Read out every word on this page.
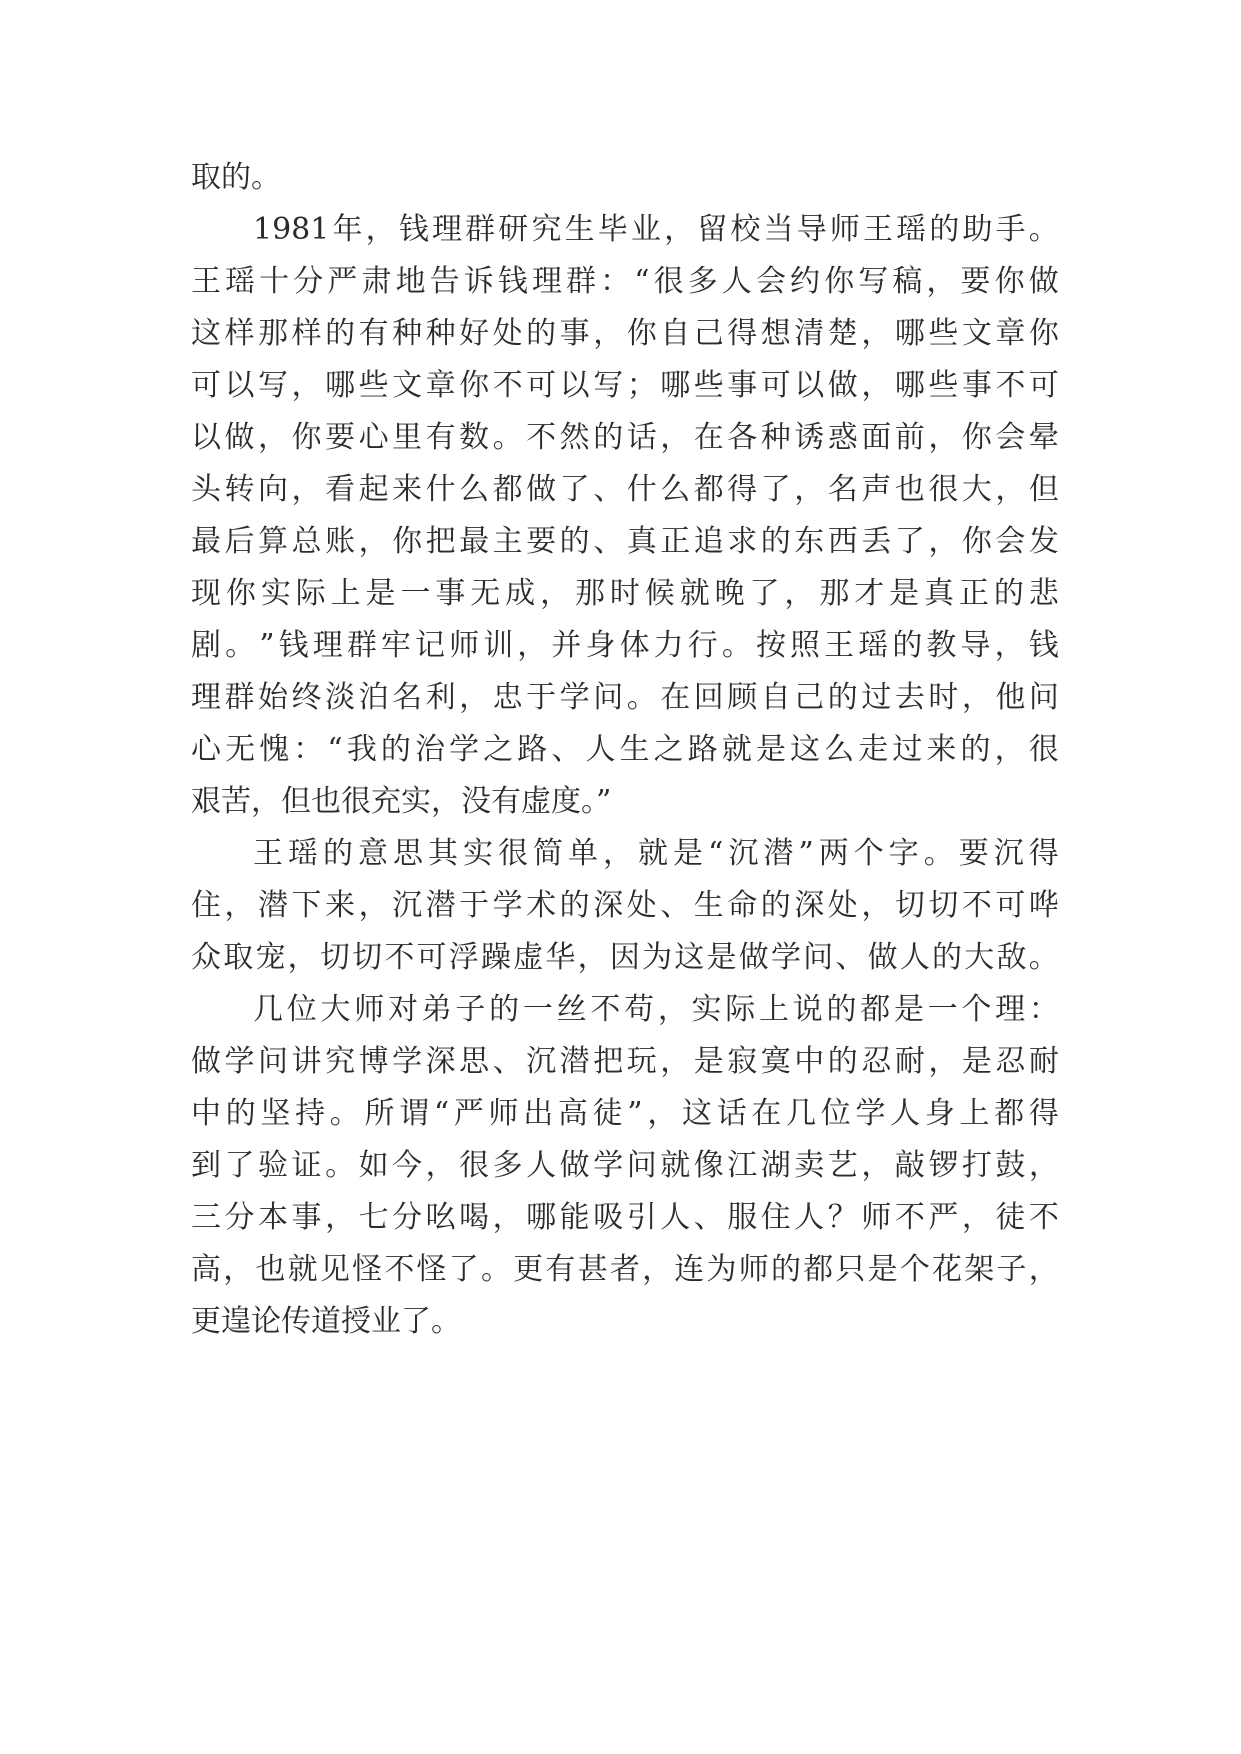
取的。
1981 年 ， 钱 理 群 研 究 生 毕 业 ， 留 校 当 导 师 王 瑶 的 助 手 。
王 瑶 十 分 严 肃 地 告 诉 钱 理 群 ： “ 很 多 人 会 约 你 写 稿 ， 要 你 做
这 样 那 样 的 有 种 种 好 处 的 事 ， 你 自 己 得 想 清 楚 ， 哪 些 文 章 你
可 以 写 ， 哪 些 文 章 你 不 可 以 写 ； 哪 些 事 可 以 做 ， 哪 些 事 不 可
以 做 ， 你 要 心 里 有 数 。 不 然 的 话 ， 在 各 种 诱 惑 面 前 ， 你 会 晕
头 转 向 ， 看 起 来 什 么 都 做 了 、 什 么 都 得 了 ， 名 声 也 很 大 ， 但
最 后 算 总 账 ， 你 把 最 主 要 的 、 真 正 追 求 的 东 西 丢 了 ， 你 会 发
现 你 实 际 上 是 一 事 无 成 ， 那 时 候 就 晚 了 ， 那 才 是 真 正 的 悲
剧 。 ” 钱 理 群 牢 记 师 训 ， 并 身 体 力 行 。 按 照 王 瑶 的 教 导 ， 钱
理 群 始 终 淡 泊 名 利 ， 忠 于 学 问 。 在 回 顾 自 己 的 过 去 时 ， 他 问
心 无 愧 ： “ 我 的 治 学 之 路 、 人 生 之 路 就 是 这 么 走 过 来 的 ， 很
艰苦，但也很充实，没有虚度。”
王 瑶 的 意 思 其 实 很 简 单 ， 就 是 “ 沉 潜 ” 两 个 字 。 要 沉 得
住 ， 潜 下 来 ， 沉 潜 于 学 术 的 深 处 、 生 命 的 深 处 ， 切 切 不 可 哗
众 取 宠 ， 切 切 不 可 浮 躁 虚 华 ， 因 为 这 是 做 学 问 、 做 人 的 大 敌 。
几 位 大 师 对 弟 子 的 一 丝 不 苟 ， 实 际 上 说 的 都 是 一 个 理 ：
做 学 问 讲 究 博 学 深 思 、 沉 潜 把 玩 ， 是 寂 寞 中 的 忍 耐 ， 是 忍 耐
中 的 坚 持 。 所 谓 “ 严 师 出 高 徒 ” ， 这 话 在 几 位 学 人 身 上 都 得
到 了 验 证 。 如 今 ， 很 多 人 做 学 问 就 像 江 湖 卖 艺 ， 敲 锣 打 鼓 ，
三 分 本 事 ， 七 分 吆 喝 ， 哪 能 吸 引 人 、 服 住 人 ？ 师 不 严 ， 徒 不
高 ， 也 就 见 怪 不 怪 了 。 更 有 甚 者 ， 连 为 师 的 都 只 是 个 花 架 子 ，
更遑论传道授业了。
